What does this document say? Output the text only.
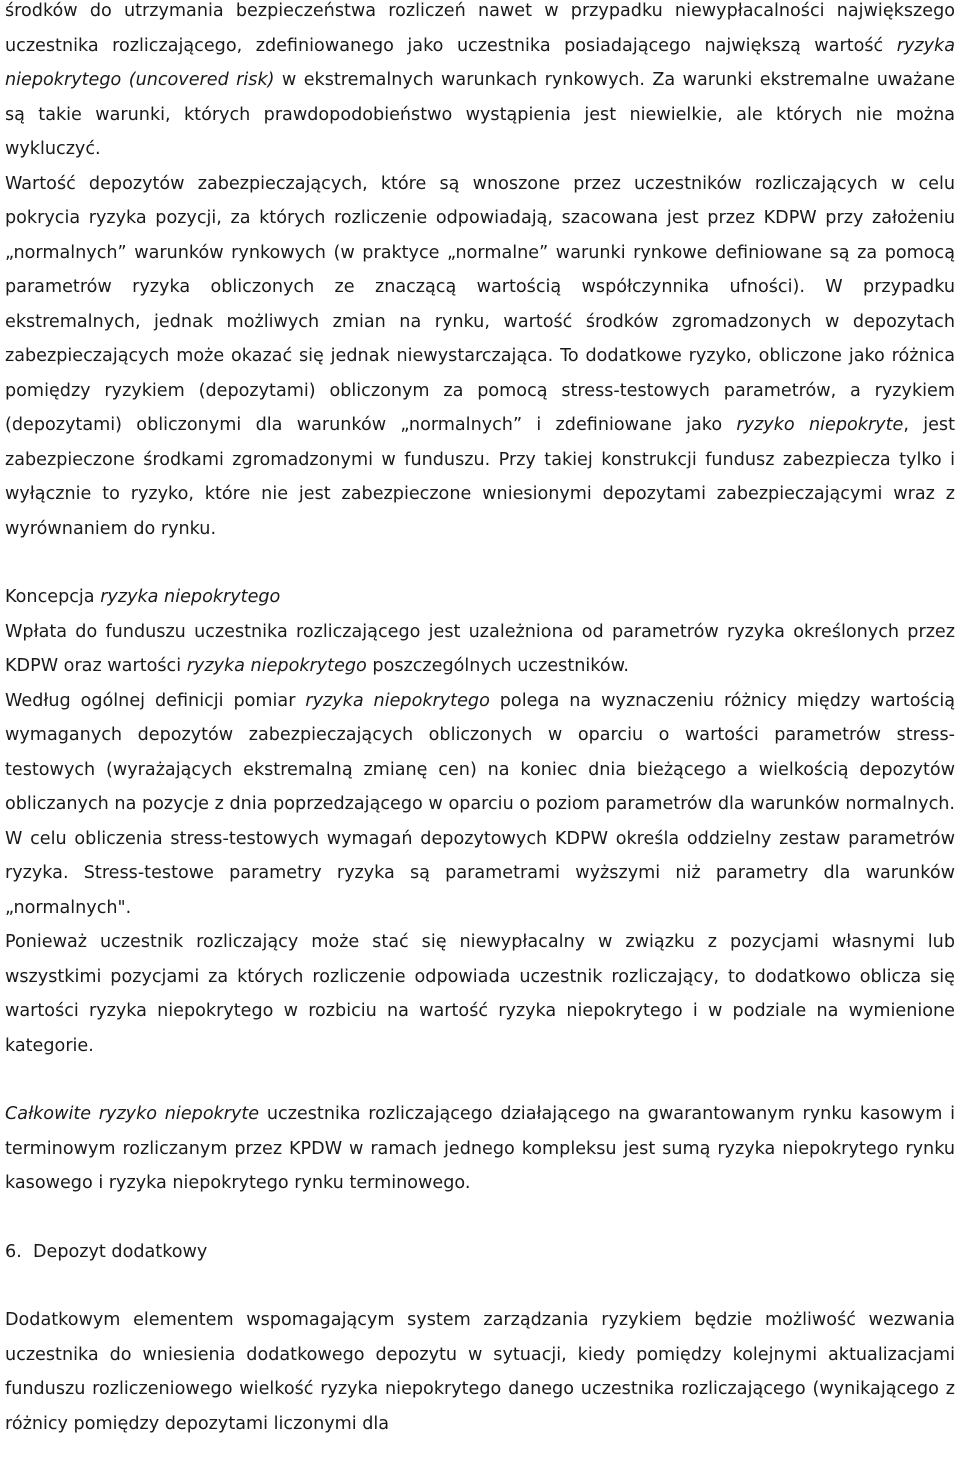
środków do utrzymania bezpieczeństwa rozliczeń nawet w przypadku niewypłacalności największego uczestnika rozliczającego, zdefiniowanego jako uczestnika posiadającego największą wartość ryzyka niepokrytego (uncovered risk) w ekstremalnych warunkach rynkowych. Za warunki ekstremalne uważane są takie warunki, których prawdopodobieństwo wystąpienia jest niewielkie, ale których nie można wykluczyć.

Wartość depozytów zabezpieczających, które są wnoszone przez uczestników rozliczających w celu pokrycia ryzyka pozycji, za których rozliczenie odpowiadają, szacowana jest przez KDPW przy założeniu „normalnych” warunków rynkowych (w praktyce „normalne” warunki rynkowe definiowane są za pomocą parametrów ryzyka obliczonych ze znaczącą wartością współczynnika ufności). W przypadku ekstremalnych, jednak możliwych zmian na rynku, wartość środków zgromadzonych w depozytach zabezpieczających może okazać się jednak niewystarczająca. To dodatkowe ryzyko, obliczone jako różnica pomiędzy ryzykiem (depozytami) obliczonym za pomocą stress-testowych parametrów, a ryzykiem (depozytami) obliczonymi dla warunków „normalnych” i zdefiniowane jako ryzyko niepokryte, jest zabezpieczone środkami zgromadzonymi w funduszu. Przy takiej konstrukcji fundusz zabezpiecza tylko i wyłącznie to ryzyko, które nie jest zabezpieczone wniesionymi depozytami zabezpieczającymi wraz z wyrównaniem do rynku.

Koncepcja ryzyka niepokrytego

Wpłata do funduszu uczestnika rozliczającego jest uzależniona od parametrów ryzyka określonych przez KDPW oraz wartości ryzyka niepokrytego poszczególnych uczestników.

Według ogólnej definicji pomiar ryzyka niepokrytego polega na wyznaczeniu różnicy między wartością wymaganych depozytów zabezpieczających obliczonych w oparciu o wartości parametrów stress-testowych (wyrażających ekstremalną zmianę cen) na koniec dnia bieżącego a wielkością depozytów obliczanych na pozycje z dnia poprzedzającego w oparciu o poziom parametrów dla warunków normalnych. W celu obliczenia stress-testowych wymagań depozytowych KDPW określa oddzielny zestaw parametrów ryzyka. Stress-testowe parametry ryzyka są parametrami wyższymi niż parametry dla warunków „normalnych".

Ponieważ uczestnik rozliczający może stać się niewypłacalny w związku z pozycjami własnymi lub wszystkimi pozycjami za których rozliczenie odpowiada uczestnik rozliczający, to dodatkowo oblicza się wartości ryzyka niepokrytego w rozbiciu na wartość ryzyka niepokrytego i w podziale na wymienione kategorie.

Całkowite ryzyko niepokryte uczestnika rozliczającego działającego na gwarantowanym rynku kasowym i terminowym rozliczanym przez KPDW w ramach jednego kompleksu jest sumą ryzyka niepokrytego rynku kasowego i ryzyka niepokrytego rynku terminowego.

6.  Depozyt dodatkowy

Dodatkowym elementem wspomagającym system zarządzania ryzykiem będzie możliwość wezwania uczestnika do wniesienia dodatkowego depozytu w sytuacji, kiedy pomiędzy kolejnymi aktualizacjami funduszu rozliczeniowego wielkość ryzyka niepokrytego danego uczestnika rozliczającego (wynikającego z różnicy pomiędzy depozytami liczonymi dla
